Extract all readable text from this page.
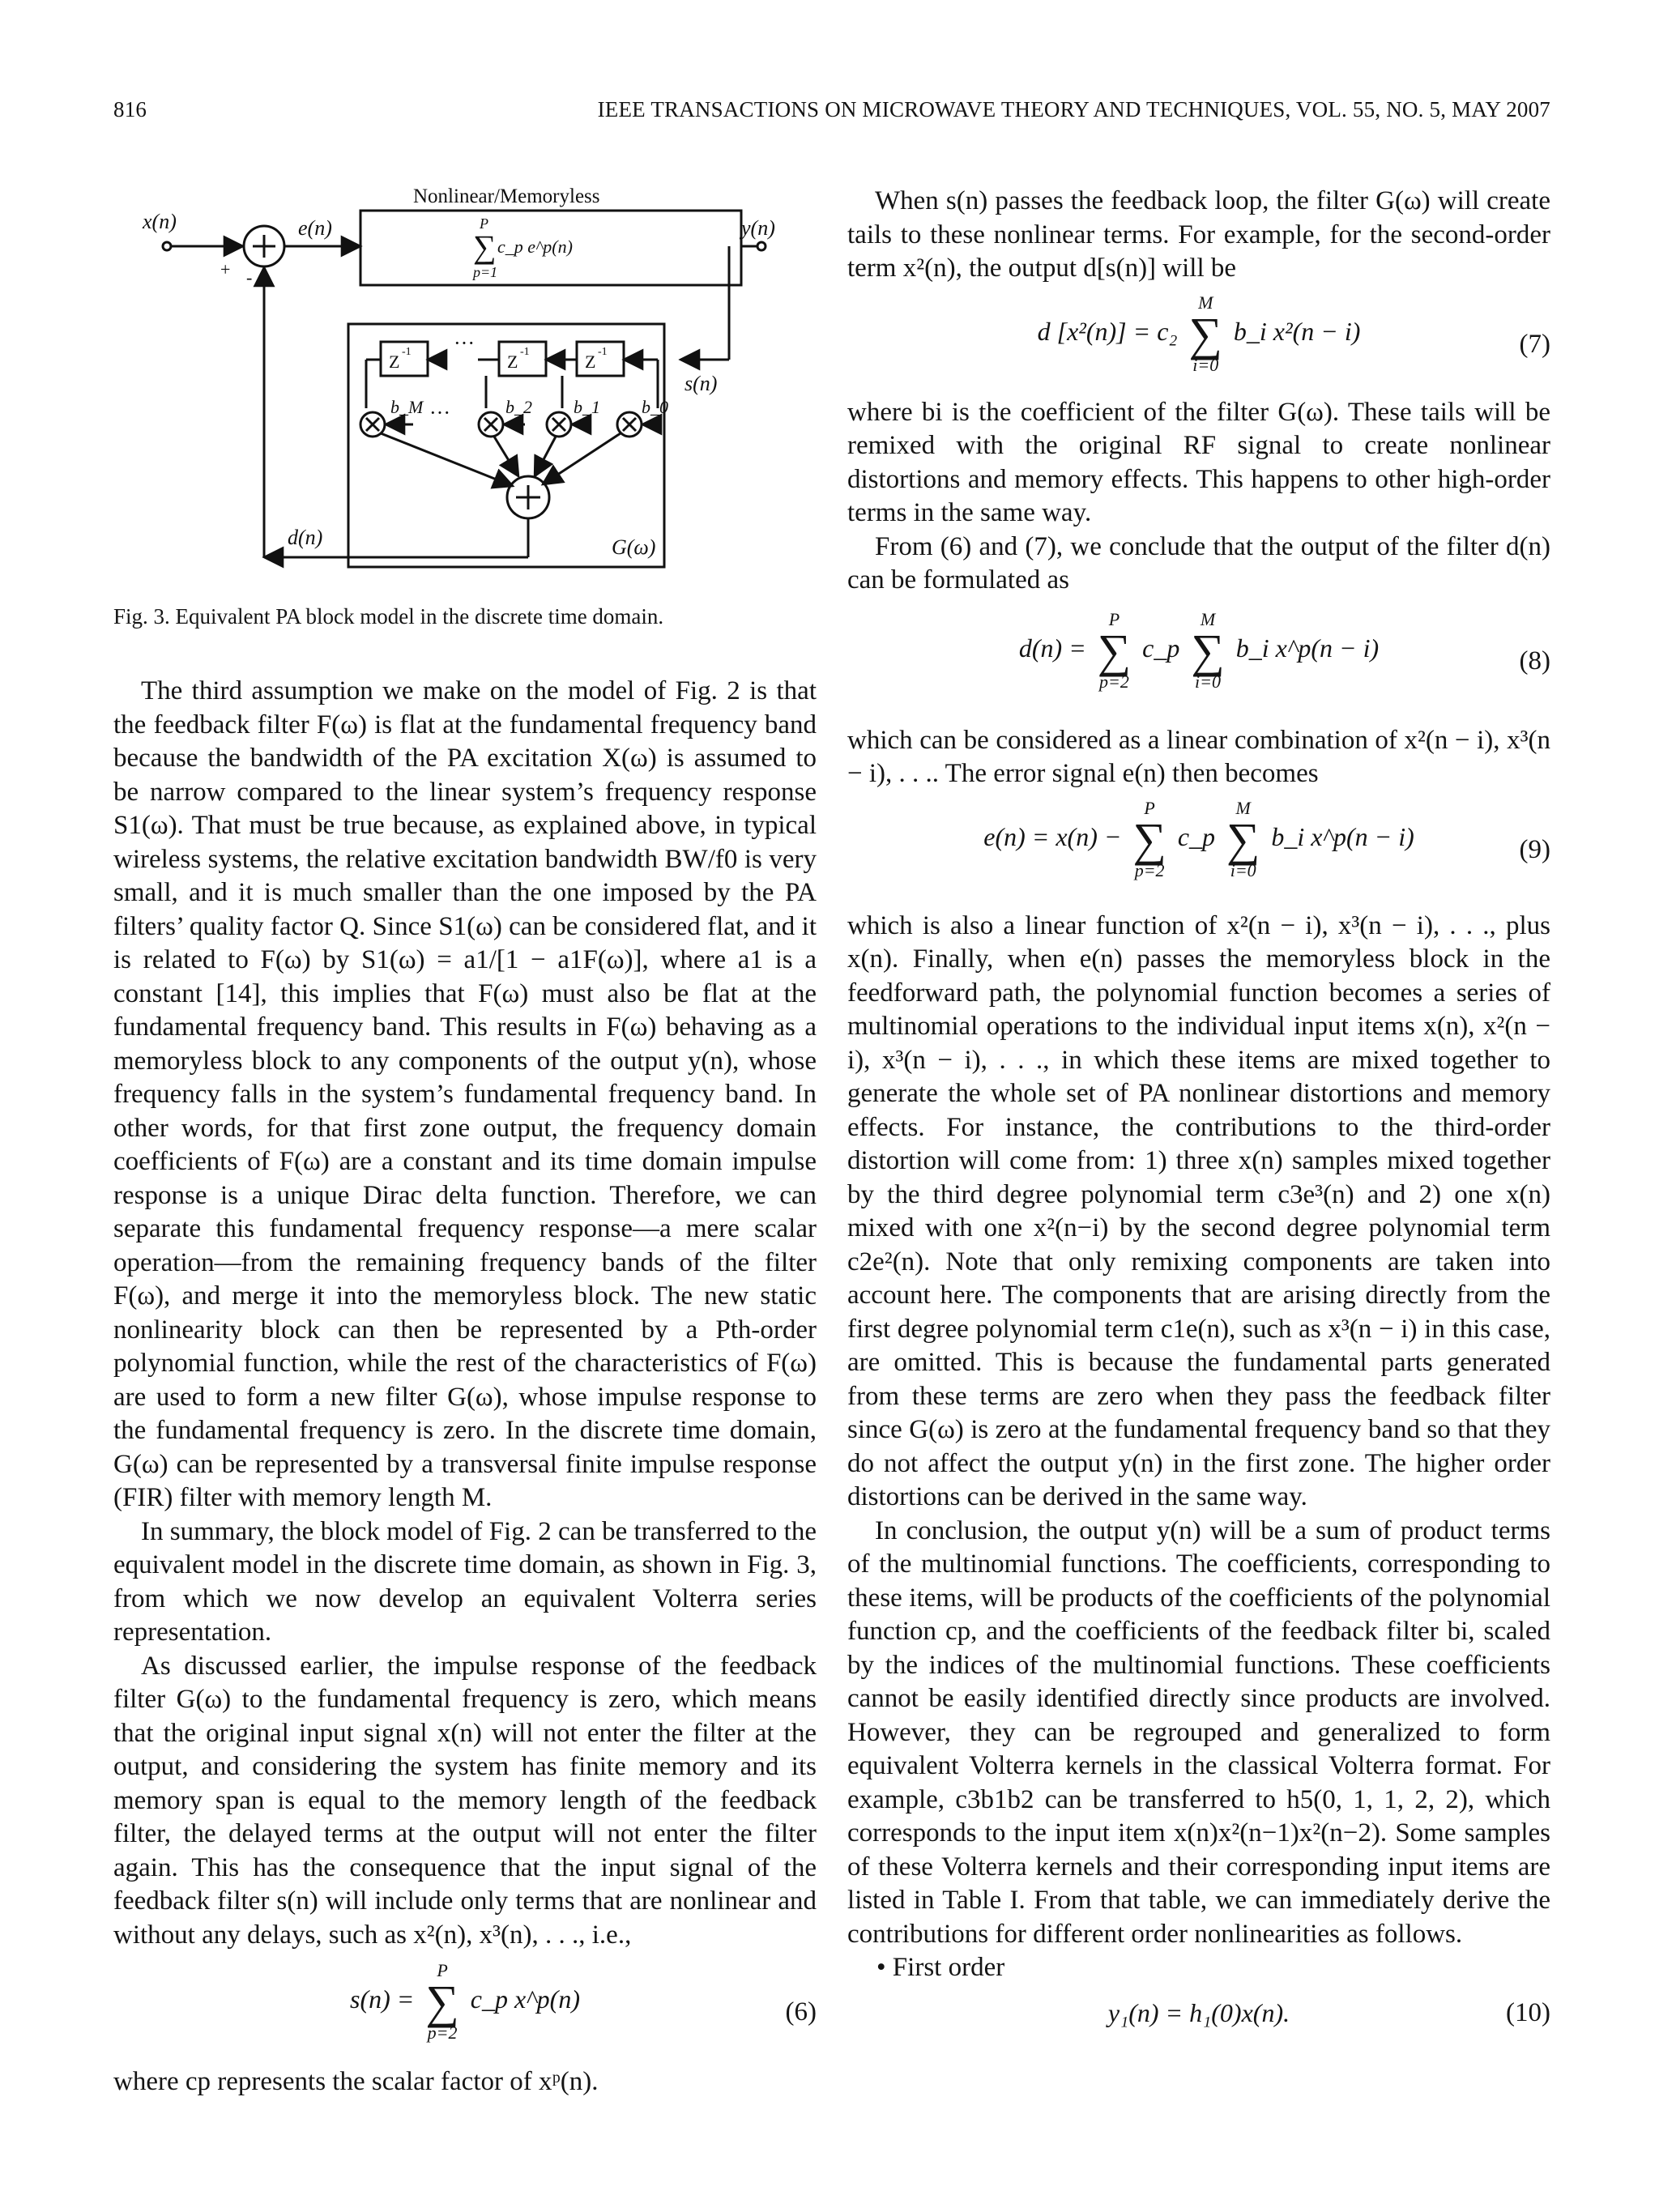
816	IEEE TRANSACTIONS ON MICROWAVE THEORY AND TECHNIQUES, VOL. 55, NO. 5, MAY 2007
Nonlinear/Memoryless
x(n)	e(n)	y(n)
s(n)
d(n)	G(ω)
+ -
P
p=1
∑ c_p e^p(n)
Z	Z	Z
-1	-1	-1
···
···
b_M	b_2 b_1 b_0
Fig. 3. Equivalent PA block model in the discrete time domain.

The third assumption we make on the model of Fig. 2 is that the feedback filter F(ω) is flat at the fundamental frequency band because the bandwidth of the PA excitation X(ω) is assumed to be narrow compared to the linear system’s frequency response S1(ω). That must be true because, as explained above, in typical wireless systems, the relative excitation bandwidth BW/f0 is very small, and it is much smaller than the one imposed by the PA filters’ quality factor Q. Since S1(ω) can be considered flat, and it is related to F(ω) by S1(ω) = a1/[1 − a1F(ω)], where a1 is a constant [14], this implies that F(ω) must also be flat at the fundamental frequency band. This results in F(ω) behaving as a memoryless block to any components of the output y(n), whose frequency falls in the system’s fundamental frequency band. In other words, for that first zone output, the frequency domain coefficients of F(ω) are a constant and its time domain impulse response is a unique Dirac delta function. Therefore, we can separate this fundamental frequency response—a mere scalar operation—from the remaining frequency bands of the filter F(ω), and merge it into the memoryless block. The new static nonlinearity block can then be represented by a Pth-order polynomial function, while the rest of the characteristics of F(ω) are used to form a new filter G(ω), whose impulse response to the fundamental frequency is zero. In the discrete time domain, G(ω) can be represented by a transversal finite impulse response (FIR) filter with memory length M.

In summary, the block model of Fig. 2 can be transferred to the equivalent model in the discrete time domain, as shown in Fig. 3, from which we now develop an equivalent Volterra series representation.

As discussed earlier, the impulse response of the feedback filter G(ω) to the fundamental frequency is zero, which means that the original input signal x(n) will not enter the filter at the output, and considering the system has finite memory and its memory span is equal to the memory length of the feedback filter, the delayed terms at the output will not enter the filter again. This has the consequence that the input signal of the feedback filter s(n) will include only terms that are nonlinear and without any delays, such as x²(n), x³(n), . . ., i.e.,

s(n) =
P
∑
p=2
c_p x^p(n)	(6)

where cp represents the scalar factor of xᵖ(n).

When s(n) passes the feedback loop, the filter G(ω) will create tails to these nonlinear terms. For example, for the second-order term x²(n), the output d[s(n)] will be

d [x²(n)] = c₂
M
∑
i=0
b_i x²(n − i)	(7)

where bi is the coefficient of the filter G(ω). These tails will be remixed with the original RF signal to create nonlinear distortions and memory effects. This happens to other high-order terms in the same way.

From (6) and (7), we conclude that the output of the filter d(n) can be formulated as

d(n) =
P
∑
p=2
c_p
M
∑
i=0
b_i x^p(n − i)	(8)

which can be considered as a linear combination of x²(n − i), x³(n − i), . . .. The error signal e(n) then becomes

e(n) = x(n) −
P
∑
p=2
c_p
M
∑
i=0
b_i x^p(n − i)	(9)

which is also a linear function of x²(n − i), x³(n − i), . . ., plus x(n). Finally, when e(n) passes the memoryless block in the feedforward path, the polynomial function becomes a series of multinomial operations to the individual input items x(n), x²(n − i), x³(n − i), . . ., in which these items are mixed together to generate the whole set of PA nonlinear distortions and memory effects. For instance, the contributions to the third-order distortion will come from: 1) three x(n) samples mixed together by the third degree polynomial term c3e³(n) and 2) one x(n) mixed with one x²(n−i) by the second degree polynomial term c2e²(n). Note that only remixing components are taken into account here. The components that are arising directly from the first degree polynomial term c1e(n), such as x³(n − i) in this case, are omitted. This is because the fundamental parts generated from these terms are zero when they pass the feedback filter since G(ω) is zero at the fundamental frequency band so that they do not affect the output y(n) in the first zone. The higher order distortions can be derived in the same way.

In conclusion, the output y(n) will be a sum of product terms of the multinomial functions. The coefficients, corresponding to these items, will be products of the coefficients of the polynomial function cp, and the coefficients of the feedback filter bi, scaled by the indices of the multinomial functions. These coefficients cannot be easily identified directly since products are involved. However, they can be regrouped and generalized to form equivalent Volterra kernels in the classical Volterra format. For example, c3b1b2 can be transferred to h5(0, 1, 1, 2, 2), which corresponds to the input item x(n)x²(n−1)x²(n−2). Some samples of these Volterra kernels and their corresponding input items are listed in Table I. From that table, we can immediately derive the contributions for different order nonlinearities as follows.

• First order
y₁(n) = h₁(0)x(n).	(10)
